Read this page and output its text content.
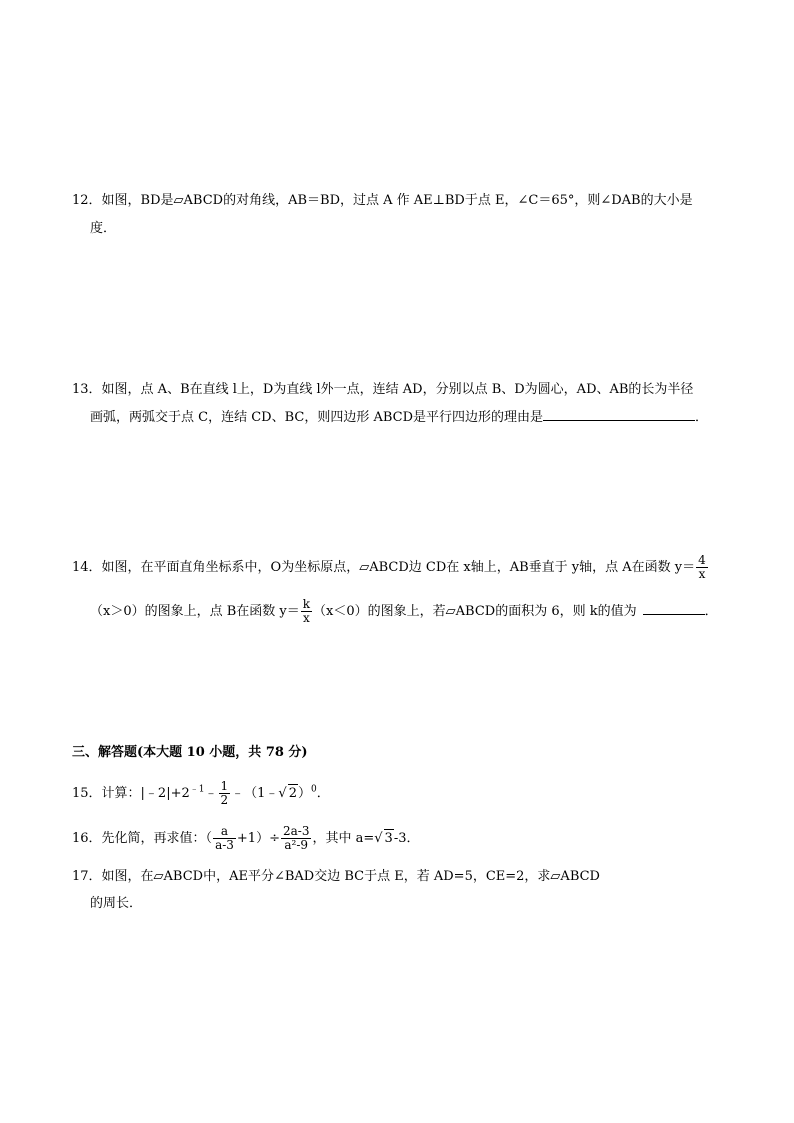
y
x
A	B
O
12．如图，BD是▱ABCD的对角线，AB＝BD，过点 A 作 AE⊥BD于点 E，∠C＝65°，则∠DAB的大小是
度．
A	B
C
D
E
13．如图，点 A、B在直线 l上，D为直线 l外一点，连结 AD，分别以点 B、D为圆心，AD、AB的长为半径
画弧，两弧交于点 C，连结 CD、BC，则四边形 ABCD是平行四边形的理由是	．
A	B
C
D
l
14．如图，在平面直角坐标系中，O为坐标原点，▱ABCD边 CD在 x轴上，AB垂直于 y轴，点 A在函数 $y= \frac{4}{x}$
（x＞0）的图象上，点 B在函数 $y= \frac{k}{x} (x<0)$的图象上，若▱ABCD的面积为 6，则 k的值为	．
y
x
A
B
C	D
O
三、解答题(本大题 10 小题，共 78 分)
15．计算：$|﹣2|+2^{﹣1}﹣ \frac{1}{2}$ ﹣（1﹣√ 2）$^0$．
16．先化简，再求值：（ $\frac{a}{a-3} +1)\div \frac{2a-3}{\text{a²-9}}$ ，其中 a=√ 3-3．
17．如图，在▱ABCD中，AE平分∠BAD交边 BC于点 E，若 AD=5，CE=2，求▱ABCD
的周长．
A	D
B	E	C
